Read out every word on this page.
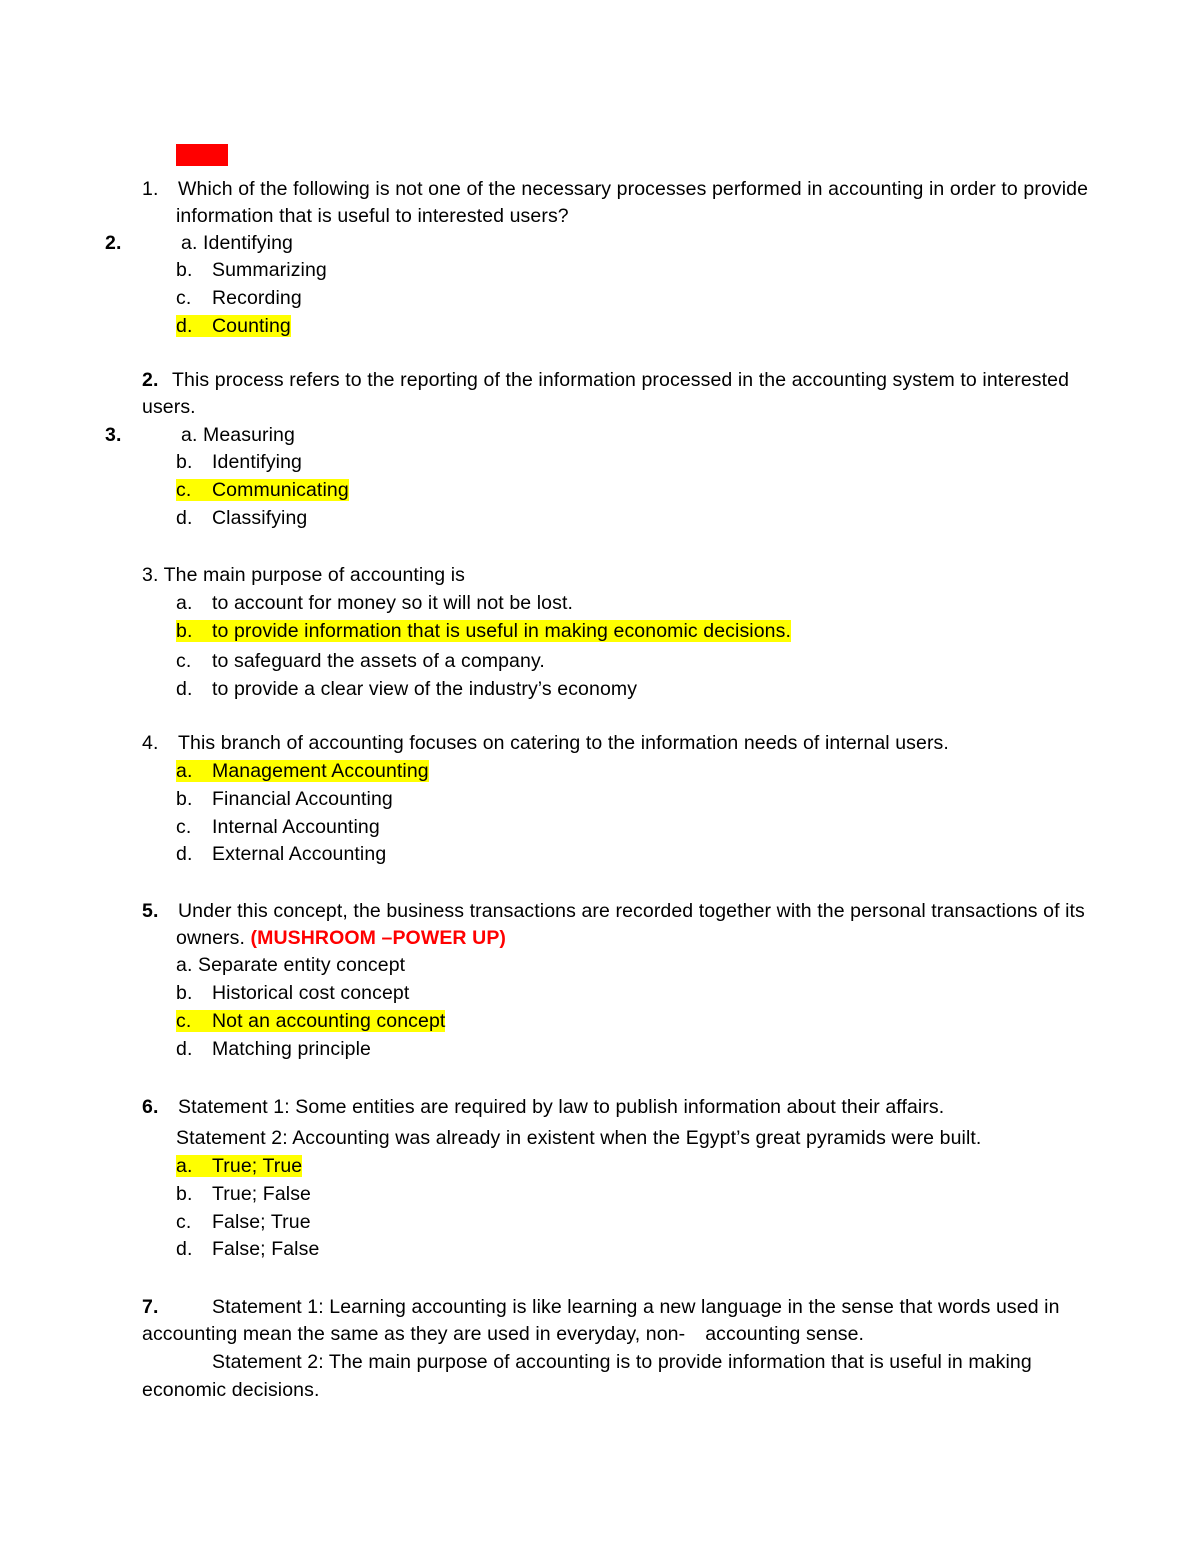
EASY
1. Which of the following is not one of the necessary processes performed in accounting in order to provide
information that is useful to interested users?
2.	a. Identifying
b. Summarizing
c. Recording
d. Counting
2. This process refers to the reporting of the information processed in the accounting system to interested
users.
3.	a. Measuring
b. Identifying
c. Communicating
d. Classifying
3. The main purpose of accounting is
a. to account for money so it will not be lost.
b. to provide information that is useful in making economic decisions.
c. to safeguard the assets of a company.
d. to provide a clear view of the industry’s economy
4. This branch of accounting focuses on catering to the information needs of internal users.
a. Management Accounting
b. Financial Accounting
c. Internal Accounting
d. External Accounting
5. Under this concept, the business transactions are recorded together with the personal transactions of its
owners. (MUSHROOM –POWER UP)
a. Separate entity concept
b. Historical cost concept
c. Not an accounting concept
d. Matching principle
6. Statement 1: Some entities are required by law to publish information about their affairs.
Statement 2: Accounting was already in existent when the Egypt’s great pyramids were built.
a. True; True
b. True; False
c. False; True
d. False; False
7.	Statement 1: Learning accounting is like learning a new language in the sense that words used in
accounting mean the same as they are used in everyday, non- accounting sense.
Statement 2: The main purpose of accounting is to provide information that is useful in making
economic decisions.
